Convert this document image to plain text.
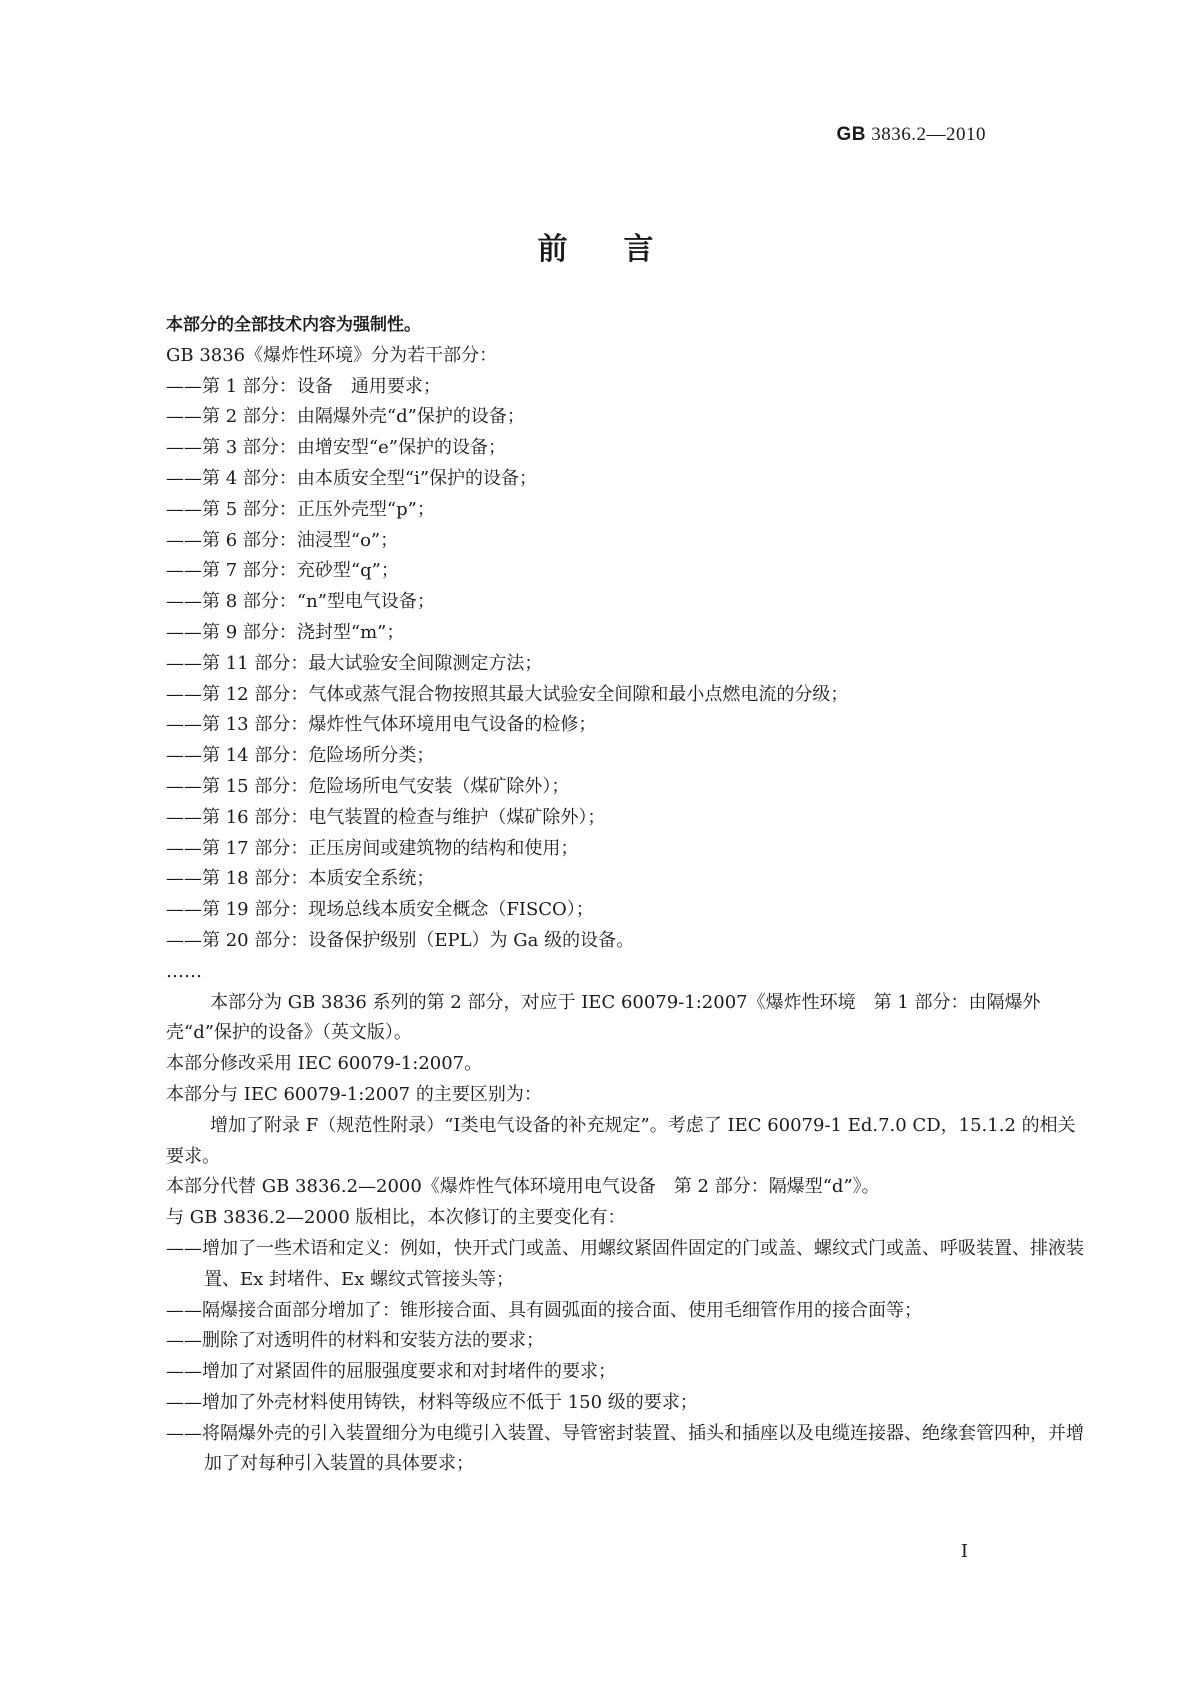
GB 3836.2—2010
前言

本部分的全部技术内容为强制性。

GB 3836《爆炸性环境》分为若干部分：

——第 1 部分：设备　通用要求；

——第 2 部分：由隔爆外壳“d”保护的设备；

——第 3 部分：由增安型“e”保护的设备；

——第 4 部分：由本质安全型“i”保护的设备；

——第 5 部分：正压外壳型“p”；

——第 6 部分：油浸型“o”；

——第 7 部分：充砂型“q”；

——第 8 部分：“n”型电气设备；

——第 9 部分：浇封型“m”；

——第 11 部分：最大试验安全间隙测定方法；

——第 12 部分：气体或蒸气混合物按照其最大试验安全间隙和最小点燃电流的分级；

——第 13 部分：爆炸性气体环境用电气设备的检修；

——第 14 部分：危险场所分类；

——第 15 部分：危险场所电气安装（煤矿除外）；

——第 16 部分：电气装置的检查与维护（煤矿除外）；

——第 17 部分：正压房间或建筑物的结构和使用；

——第 18 部分：本质安全系统；

——第 19 部分：现场总线本质安全概念（FISCO）；

——第 20 部分：设备保护级别（EPL）为 Ga 级的设备。

……

本部分为 GB 3836 系列的第 2 部分，对应于 IEC 60079-1:2007《爆炸性环境　第 1 部分：由隔爆外壳“d”保护的设备》（英文版）。

本部分修改采用 IEC 60079-1:2007。

本部分与 IEC 60079-1:2007 的主要区别为：

增加了附录 F（规范性附录）“Ⅰ类电气设备的补充规定”。考虑了 IEC 60079-1 Ed.7.0 CD，15.1.2 的相关要求。

本部分代替 GB 3836.2—2000《爆炸性气体环境用电气设备　第 2 部分：隔爆型“d”》。

与 GB 3836.2—2000 版相比，本次修订的主要变化有：

——增加了一些术语和定义：例如，快开式门或盖、用螺纹紧固件固定的门或盖、螺纹式门或盖、呼吸装置、排液装置、Ex 封堵件、Ex 螺纹式管接头等；

——隔爆接合面部分增加了：锥形接合面、具有圆弧面的接合面、使用毛细管作用的接合面等；

——删除了对透明件的材料和安装方法的要求；

——增加了对紧固件的屈服强度要求和对封堵件的要求；

——增加了外壳材料使用铸铁，材料等级应不低于 150 级的要求；

——将隔爆外壳的引入装置细分为电缆引入装置、导管密封装置、插头和插座以及电缆连接器、绝缘套管四种，并增加了对每种引入装置的具体要求；

Ⅰ
